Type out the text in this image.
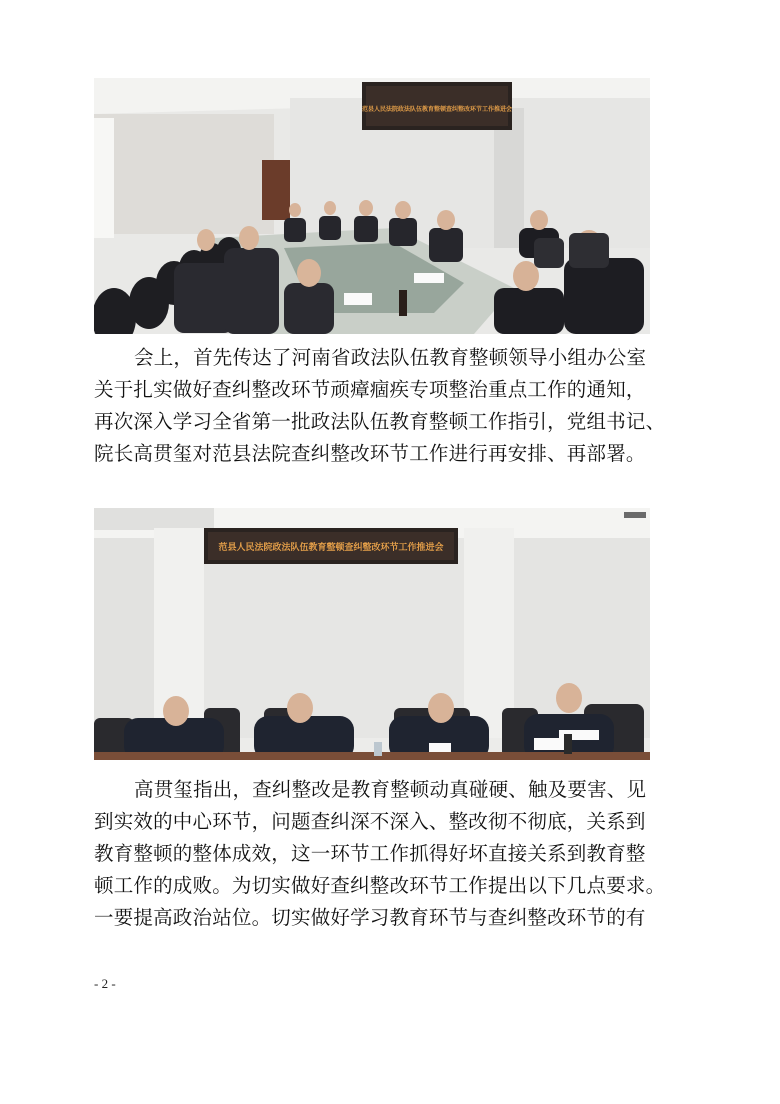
范县人民法院政法队伍教育整顿查纠整改环节工作推进会

会上，首先传达了河南省政法队伍教育整顿领导小组办公室
关于扎实做好查纠整改环节顽瘴痼疾专项整治重点工作的通知，
再次深入学习全省第一批政法队伍教育整顿工作指引，党组书记、
院长高贯玺对范县法院查纠整改环节工作进行再安排、再部署。

范县人民法院政法队伍教育整顿查纠整改环节工作推进会

高贯玺指出，查纠整改是教育整顿动真碰硬、触及要害、见
到实效的中心环节，问题查纠深不深入、整改彻不彻底，关系到
教育整顿的整体成效，这一环节工作抓得好坏直接关系到教育整
顿工作的成败。为切实做好查纠整改环节工作提出以下几点要求。
一要提高政治站位。切实做好学习教育环节与查纠整改环节的有

- 2 -
